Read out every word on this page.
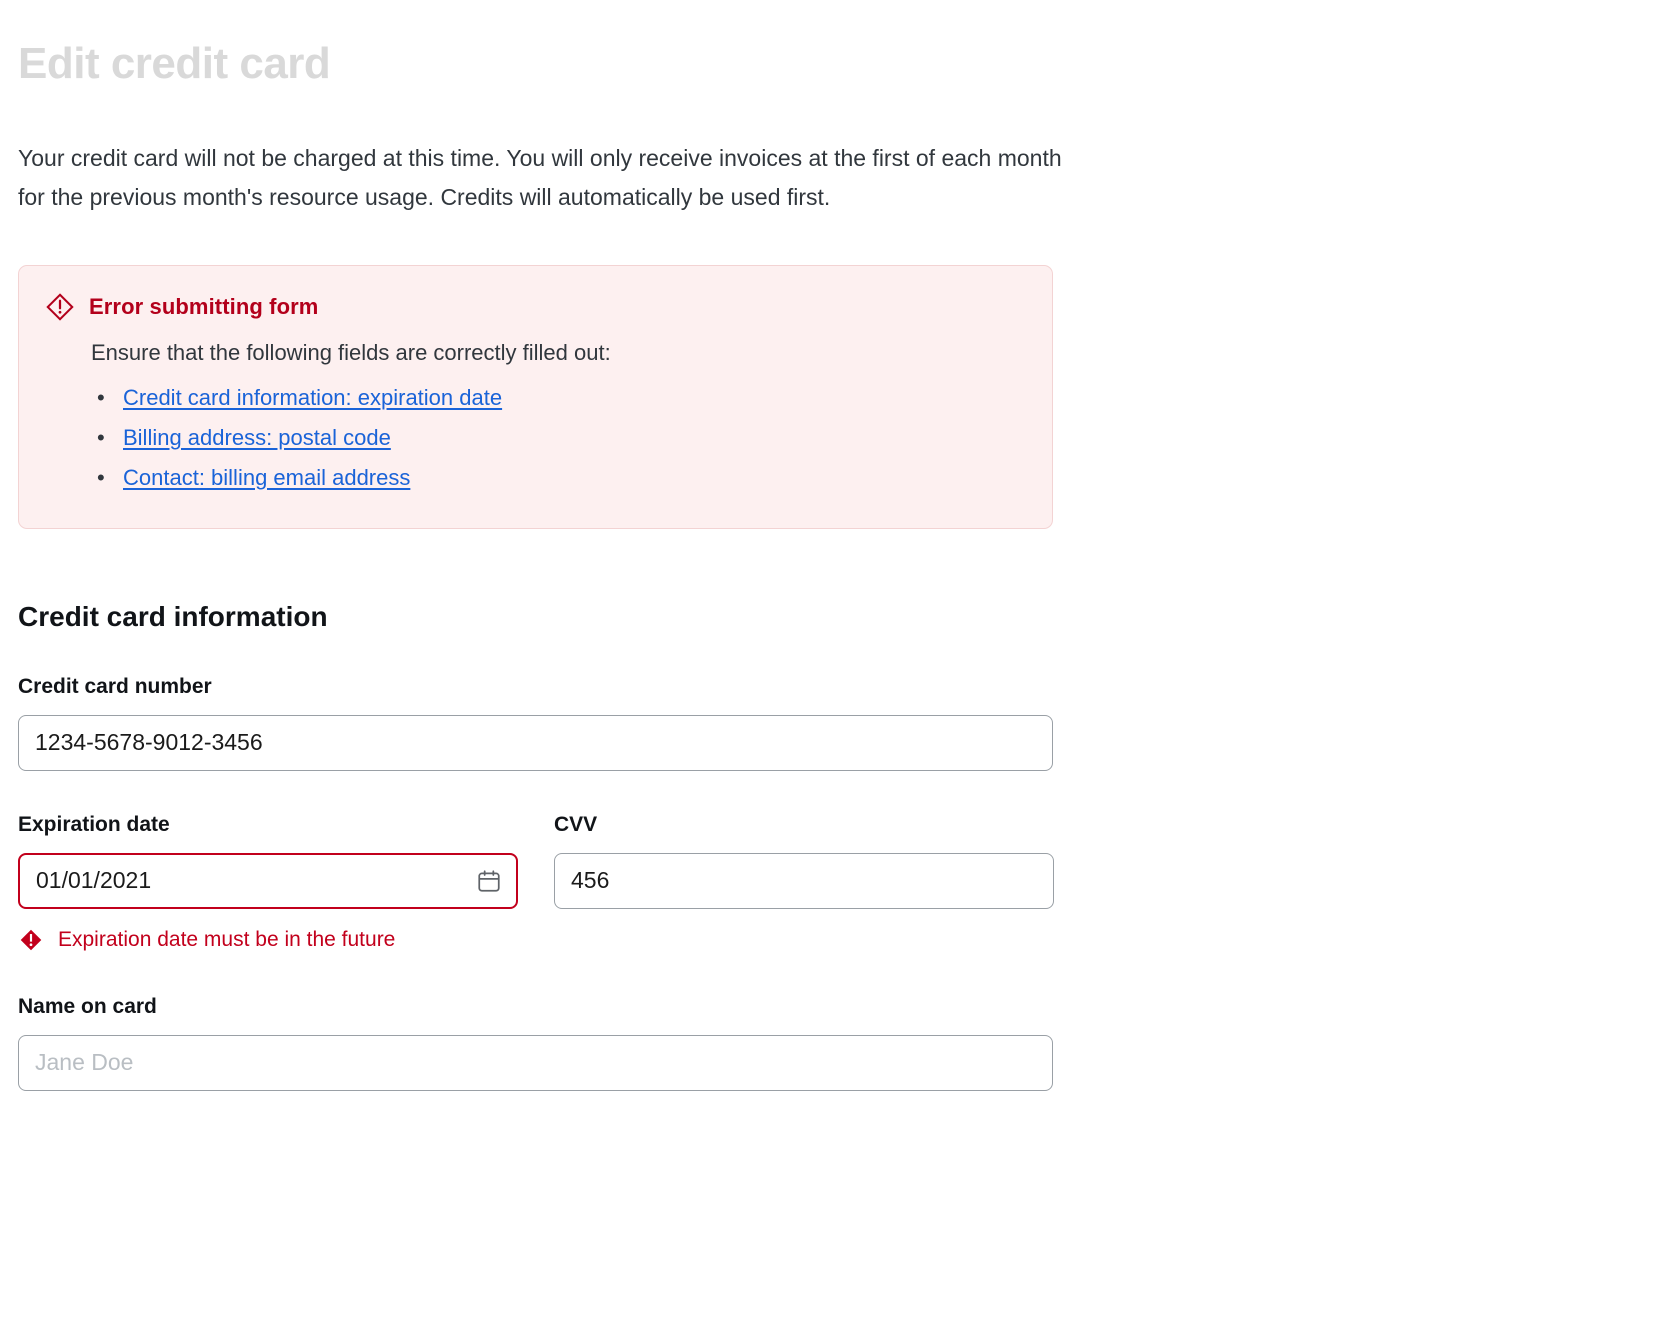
Edit credit card

Your credit card will not be charged at this time. You will only receive invoices at the first of each month for the previous month's resource usage. Credits will automatically be used first.

Error submitting form
Ensure that the following fields are correctly filled out:
• Credit card information: expiration date
• Billing address: postal code
• Contact: billing email address
Credit card information
Credit card number
1234-5678-9012-3456
Expiration date
01/01/2021
Expiration date must be in the future
CVV
456
Name on card
Jane Doe
